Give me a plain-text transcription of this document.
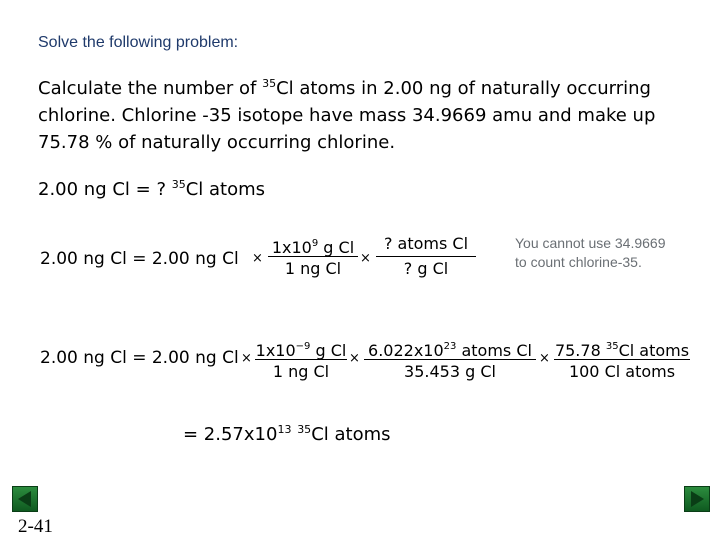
Solve the following problem:
Calculate the number of $^{35}$Cl atoms in 2.00 ng of naturally occurring
chlorine. Chlorine -35 isotope have mass 34.9669 amu and make up
75.78 % of naturally occurring chlorine.
2.00 ng Cl = ? $^{35}$Cl atoms
You cannot use 34.9669
to count chlorine-35.
2.00 ng Cl = 2.00 ng Cl ×
$1x10^9$ g Cl
1 ng Cl
×
? atoms Cl
? g Cl
2.00 ng Cl = 2.00 ng $Cl \times 1x10^{-9}$ g Cl
1 ng Cl
× $6.022x10^{23}$ atoms Cl
35.453 g Cl
× 75.78 $^{35}$Cl atoms
100 Cl atoms
= $2.57x10^{13}$ $^{35}$Cl atoms
2-41
